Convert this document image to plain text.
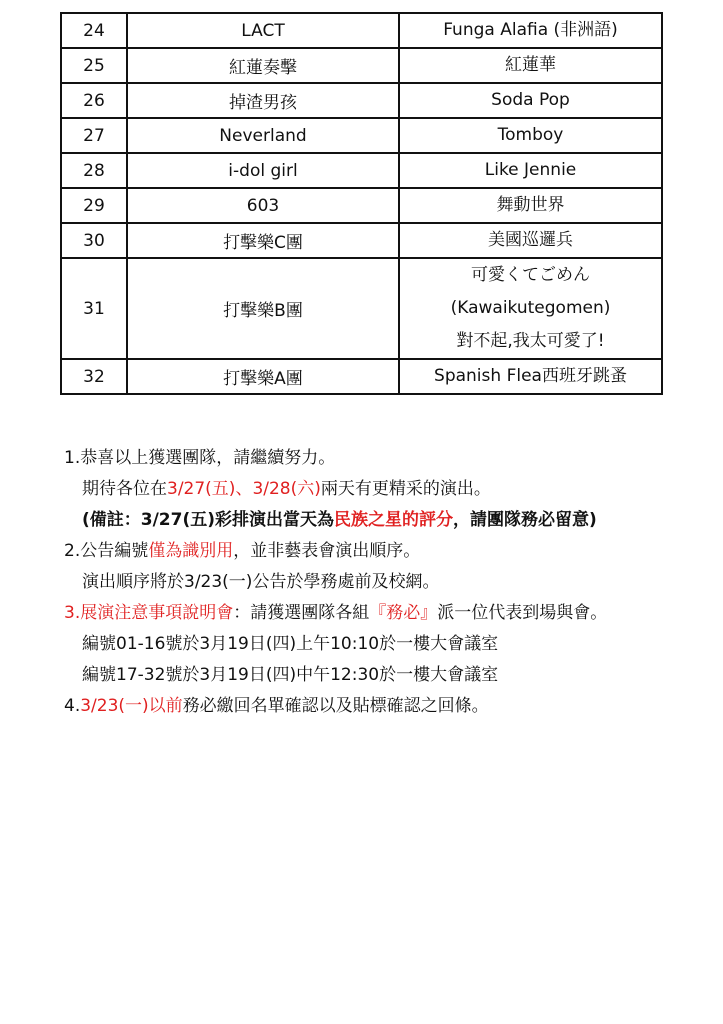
24	LACT	Funga Alafia (非洲語)

25	紅蓮奏擊	紅蓮華

26	掉渣男孩	Soda Pop

27	Neverland	Tomboy

28	i-dol girl	Like Jennie

29	603	舞動世界

30	打擊樂C團	美國巡邏兵

31	打擊樂B團	可愛くてごめん
(Kawaikutegomen)
對不起,我太可愛了!

32	打擊樂A團	Spanish Flea西班牙跳蚤
1.恭喜以上獲選團隊，請繼續努力。
期待各位在3/27(五)、3/28(六)兩天有更精采的演出。
(備註：3/27(五)彩排演出當天為民族之星的評分，請團隊務必留意)
2.公告編號僅為識別用，並非藝表會演出順序。
演出順序將於3/23(一)公告於學務處前及校網。
3.展演注意事項說明會：請獲選團隊各組『務必』派一位代表到場與會。
編號01-16號於3月19日(四)上午10:10於一樓大會議室
編號17-32號於3月19日(四)中午12:30於一樓大會議室
4.3/23(一)以前務必繳回名單確認以及貼標確認之回條。
